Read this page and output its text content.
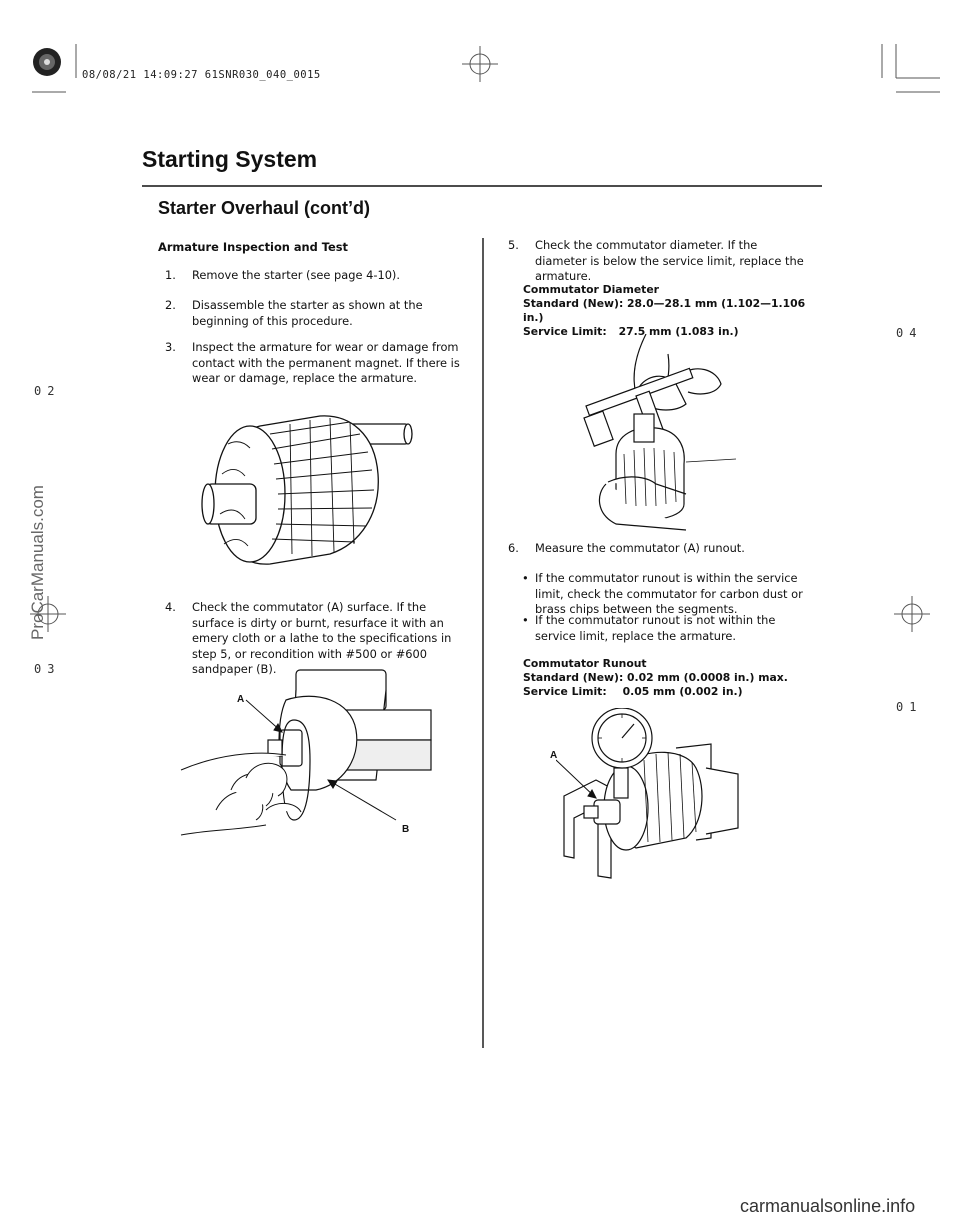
08/08/21 14:09:27 61SNR030_040_0015
04
02
03
01
Starting System
Starter Overhaul (cont’d)
Armature Inspection and Test
1.	Remove the starter (see page 4-10).
2.	Disassemble the starter as shown at the beginning of this procedure.
3.	Inspect the armature for wear or damage from contact with the permanent magnet. If there is wear or damage, replace the armature.
4.	Check the commutator (A) surface. If the surface is dirty or burnt, resurface it with an emery cloth or a lathe to the specifications in step 5, or recondition with #500 or #600 sandpaper (B).
A
B
5.	Check the commutator diameter. If the diameter is below the service limit, replace the armature.
Commutator Diameter
Standard (New): 28.0—28.1 mm (1.102—1.106 in.)
Service Limit: 27.5 mm (1.083 in.)
6.	Measure the commutator (A) runout.
• If the commutator runout is within the service limit, check the commutator for carbon dust or brass chips between the segments.
• If the commutator runout is not within the service limit, replace the armature.
Commutator Runout
Standard (New): 0.02 mm (0.0008 in.) max.
Service Limit: 0.05 mm (0.002 in.)
A
ProCarManuals.com
carmanualsonline.info
